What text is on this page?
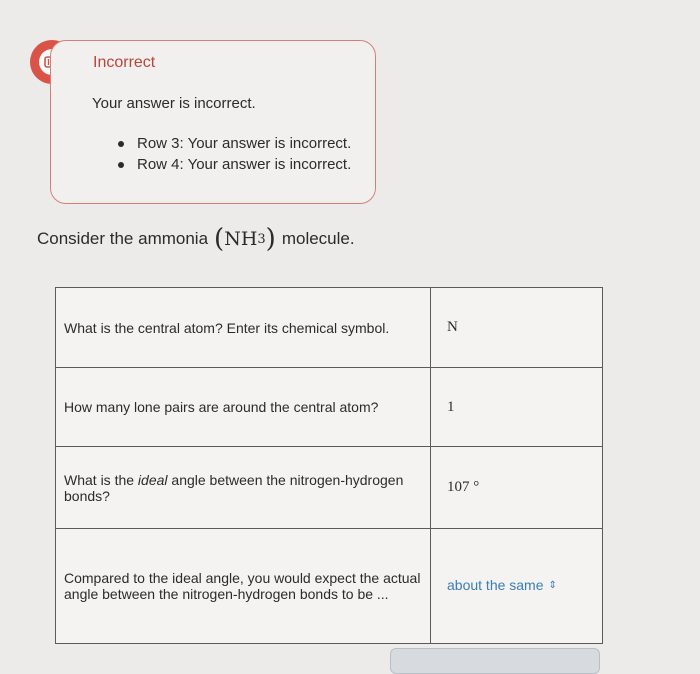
Incorrect
Your answer is incorrect.
Row 3: Your answer is incorrect.
Row 4: Your answer is incorrect.
Consider the ammonia ( NH 3 ) molecule.
What is the central atom? Enter its chemical symbol.	N
How many lone pairs are around the central atom?	1
What is the ideal angle between the nitrogen-hydrogen bonds?	107 °
Compared to the ideal angle, you would expect the actual angle between the nitrogen-hydrogen bonds to be ...	about the same ⇕
